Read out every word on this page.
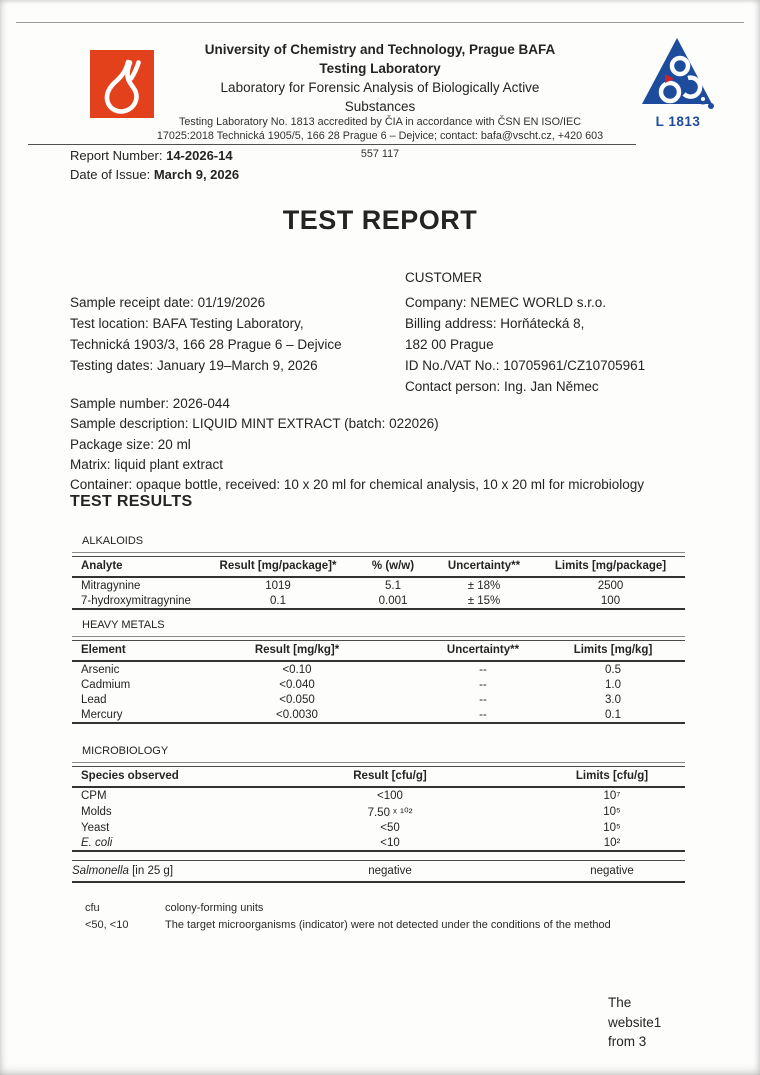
University of Chemistry and Technology, Prague BAFA
Testing Laboratory
Laboratory for Forensic Analysis of Biologically Active
Substances
Testing Laboratory No. 1813 accredited by ČIA in accordance with ČSN EN ISO/IEC
17025:2018 Technická 1905/5, 166 28 Prague 6 – Dejvice; contact: bafa@vscht.cz, +420 603
557 117
L 1813
Report Number: 14-2026-14
Date of Issue: March 9, 2026
TEST REPORT
CUSTOMER
Sample receipt date: 01/19/2026
Test location: BAFA Testing Laboratory,
Technická 1903/3, 166 28 Prague 6 – Dejvice
Testing dates: January 19–March 9, 2026
Company: NEMEC WORLD s.r.o.
Billing address: Horňátecká 8,
182 00 Prague
ID No./VAT No.: 10705961/CZ10705961
Contact person: Ing. Jan Němec
Sample number: 2026-044
Sample description: LIQUID MINT EXTRACT (batch: 022026)
Package size: 20 ml
Matrix: liquid plant extract
Container: opaque bottle, received: 10 x 20 ml for chemical analysis, 10 x 20 ml for microbiology
TEST RESULTS
ALKALOIDS
Analyte	Result [mg/package]*	% (w/w)	Uncertainty**	Limits [mg/package]
Mitragynine	1019	5.1	± 18%	2500
7-hydroxymitragynine	0.1	0.001	± 15%	100
HEAVY METALS
Element	Result [mg/kg]*	Uncertainty**	Limits [mg/kg]
Arsenic	<0.10	--	0.5
Cadmium	<0.040	--	1.0
Lead	<0.050	--	3.0
Mercury	<0.0030	--	0.1
MICROBIOLOGY
Species observed	Result [cfu/g]	Limits [cfu/g]
CPM	<100	10⁷
Molds	7.50 ˣ ¹⁰²	10⁵
Yeast	<50	10⁵
E. coli	<10	10²
Salmonella [in 25 g]	negative	negative
cfu	colony-forming units
<50, <10	The target microorganisms (indicator) were not detected under the conditions of the method
The
website1
from 3
